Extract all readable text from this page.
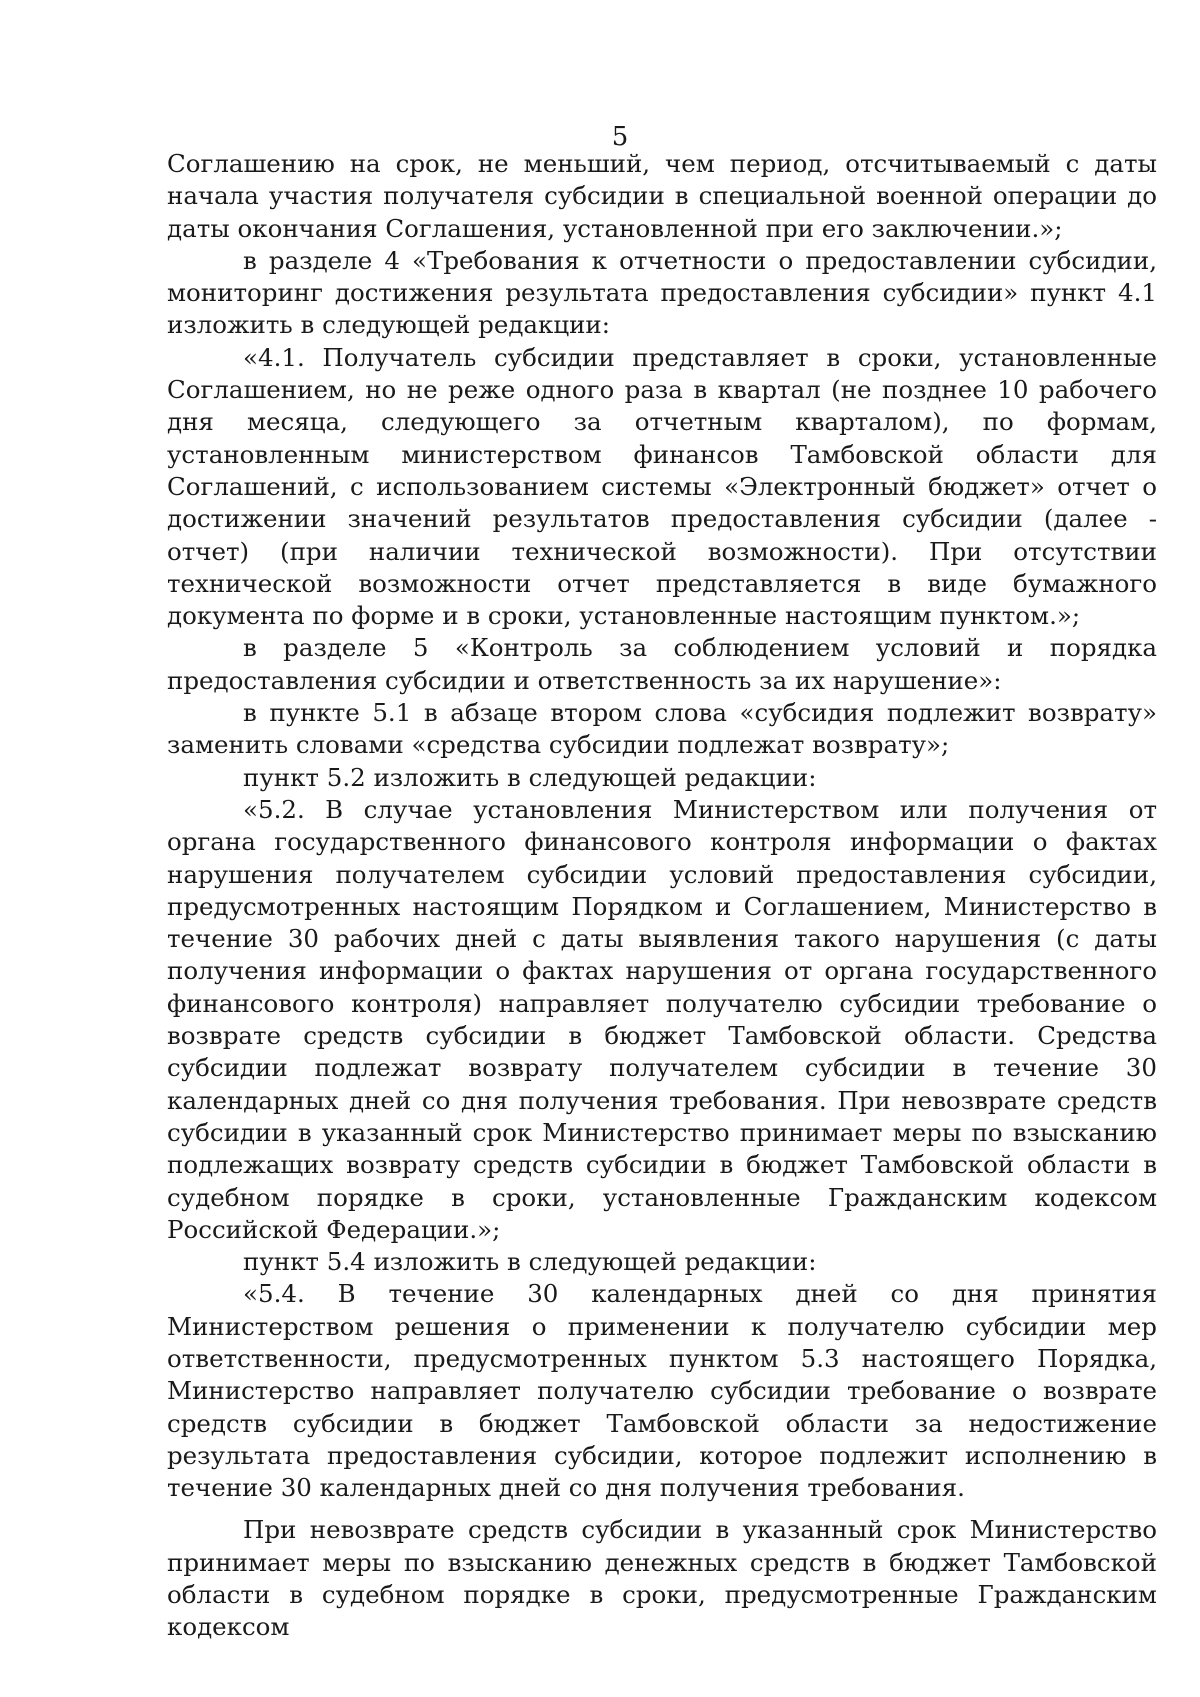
5

Соглашению на срок, не меньший, чем период, отсчитываемый с даты начала участия получателя субсидии в специальной военной операции до даты окончания Соглашения, установленной при его заключении.»;

в разделе 4 «Требования к отчетности о предоставлении субсидии, мониторинг достижения результата предоставления субсидии» пункт 4.1 изложить в следующей редакции:

«4.1. Получатель субсидии представляет в сроки, установленные Соглашением, но не реже одного раза в квартал (не позднее 10 рабочего дня месяца, следующего за отчетным кварталом), по формам, установленным министерством финансов Тамбовской области для Соглашений, с использованием системы «Электронный бюджет» отчет о достижении значений результатов предоставления субсидии (далее - отчет) (при наличии технической возможности). При отсутствии технической возможности отчет представляется в виде бумажного документа по форме и в сроки, установленные настоящим пунктом.»;

в разделе 5 «Контроль за соблюдением условий и порядка предоставления субсидии и ответственность за их нарушение»:

в пункте 5.1 в абзаце втором слова «субсидия подлежит возврату» заменить словами «средства субсидии подлежат возврату»;

пункт 5.2 изложить в следующей редакции:

«5.2. В случае установления Министерством или получения от органа государственного финансового контроля информации о фактах нарушения получателем субсидии условий предоставления субсидии, предусмотренных настоящим Порядком и Соглашением, Министерство в течение 30 рабочих дней с даты выявления такого нарушения (с даты получения информации о фактах нарушения от органа государственного финансового контроля) направляет получателю субсидии требование о возврате средств субсидии в бюджет Тамбовской области. Средства субсидии подлежат возврату получателем субсидии в течение 30 календарных дней со дня получения требования. При невозврате средств субсидии в указанный срок Министерство принимает меры по взысканию подлежащих возврату средств субсидии в бюджет Тамбовской области в судебном порядке в сроки, установленные Гражданским кодексом Российской Федерации.»;

пункт 5.4 изложить в следующей редакции:

«5.4. В течение 30 календарных дней со дня принятия Министерством решения о применении к получателю субсидии мер ответственности, предусмотренных пунктом 5.3 настоящего Порядка, Министерство направляет получателю субсидии требование о возврате средств субсидии в бюджет Тамбовской области за недостижение результата предоставления субсидии, которое подлежит исполнению в течение 30 календарных дней со дня получения требования.

При невозврате средств субсидии в указанный срок Министерство принимает меры по взысканию денежных средств в бюджет Тамбовской области в судебном порядке в сроки, предусмотренные Гражданским кодексом
